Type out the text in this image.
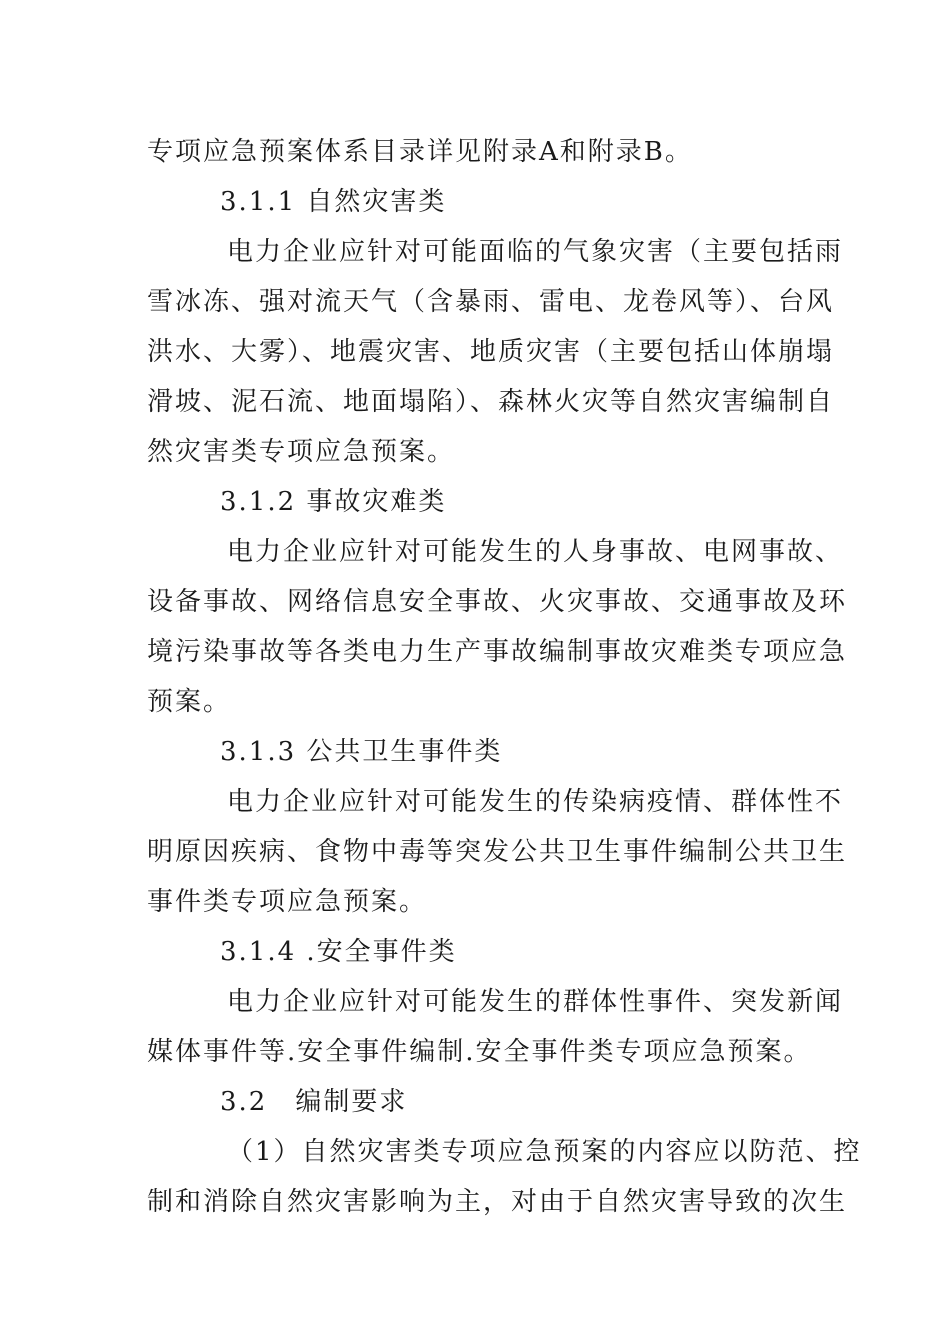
专项应急预案体系目录详见附录A和附录B。
3.1.1 自然灾害类
电力企业应针对可能面临的气象灾害（主要包括雨
雪冰冻、强对流天气（含暴雨、雷电、龙卷风等）、台风
洪水、大雾）、地震灾害、地质灾害（主要包括山体崩塌
滑坡、泥石流、地面塌陷）、森林火灾等自然灾害编制自
然灾害类专项应急预案。
3.1.2 事故灾难类
电力企业应针对可能发生的人身事故、电网事故、
设备事故、网络信息安全事故、火灾事故、交通事故及环
境污染事故等各类电力生产事故编制事故灾难类专项应急
预案。
3.1.3 公共卫生事件类
电力企业应针对可能发生的传染病疫情、群体性不
明原因疾病、食物中毒等突发公共卫生事件编制公共卫生
事件类专项应急预案。
3.1.4 .安全事件类
电力企业应针对可能发生的群体性事件、突发新闻
媒体事件等.安全事件编制.安全事件类专项应急预案。
3.2　编制要求
（1）自然灾害类专项应急预案的内容应以防范、控
制和消除自然灾害影响为主，对由于自然灾害导致的次生
